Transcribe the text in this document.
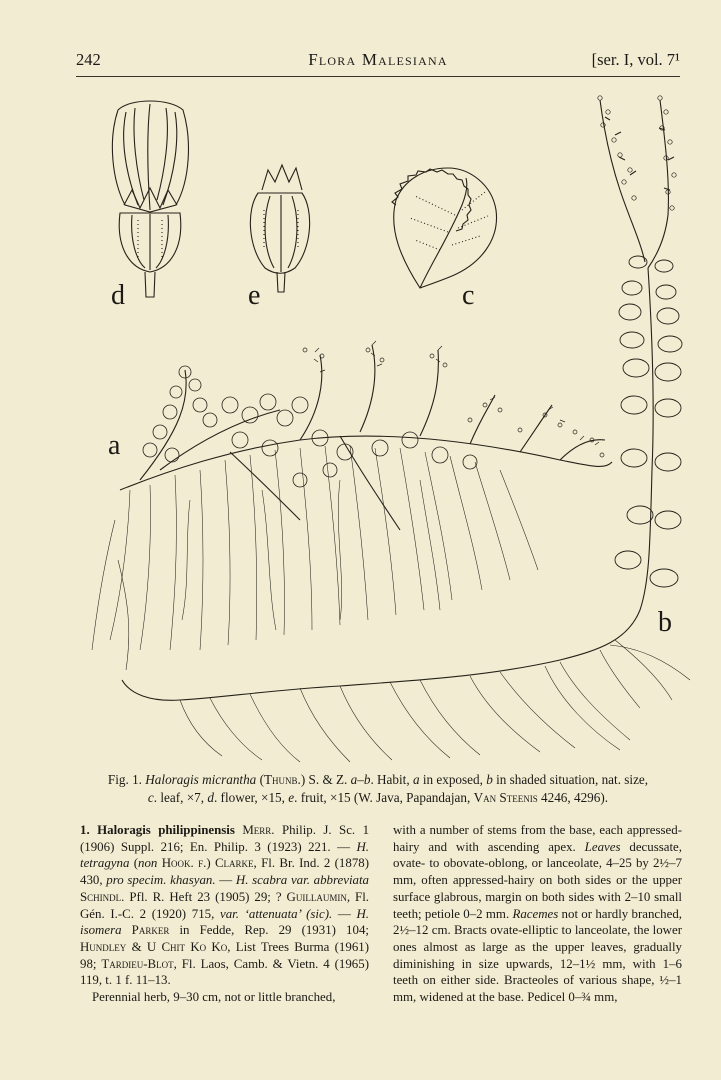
242	Flora Malesiana	[ser. I, vol. 7¹
d	e	c
a
b
Fig. 1. Haloragis micrantha (Thunb.) S. & Z. a–b. Habit, a in exposed, b in shaded situation, nat. size,
c. leaf, ×7, d. flower, ×15, e. fruit, ×15 (W. Java, Papandajan, Van Steenis 4246, 4296).

1. Haloragis philippinensis Merr. Philip. J. Sc. 1 (1906) Suppl. 216; En. Philip. 3 (1923) 221. — H. tetragyna (non Hook. f.) Clarke, Fl. Br. Ind. 2 (1878) 430, pro specim. khasyan. — H. scabra var. abbreviata Schindl. Pfl. R. Heft 23 (1905) 29; ? Guillaumin, Fl. Gén. I.-C. 2 (1920) 715, var. ‘attenuata’ (sic). — H. isomera Parker in Fedde, Rep. 29 (1931) 104; Hundley & U Chit Ko Ko, List Trees Burma (1961) 98; Tardieu-Blot, Fl. Laos, Camb. & Vietn. 4 (1965) 119, t. 1 f. 11–13.

Perennial herb, 9–30 cm, not or little branched,

with a number of stems from the base, each appressed-hairy and with ascending apex. Leaves decussate, ovate- to obovate-oblong, or lanceolate, 4–25 by 2½–7 mm, often appressed-hairy on both sides or the upper surface glabrous, margin on both sides with 2–10 small teeth; petiole 0–2 mm. Racemes not or hardly branched, 2½–12 cm. Bracts ovate-elliptic to lanceolate, the lower ones almost as large as the upper leaves, gradually diminishing in size upwards, 12–1½ mm, with 1–6 teeth on either side. Bracteoles of various shape, ½–1 mm, widened at the base. Pedicel 0–¾ mm,
